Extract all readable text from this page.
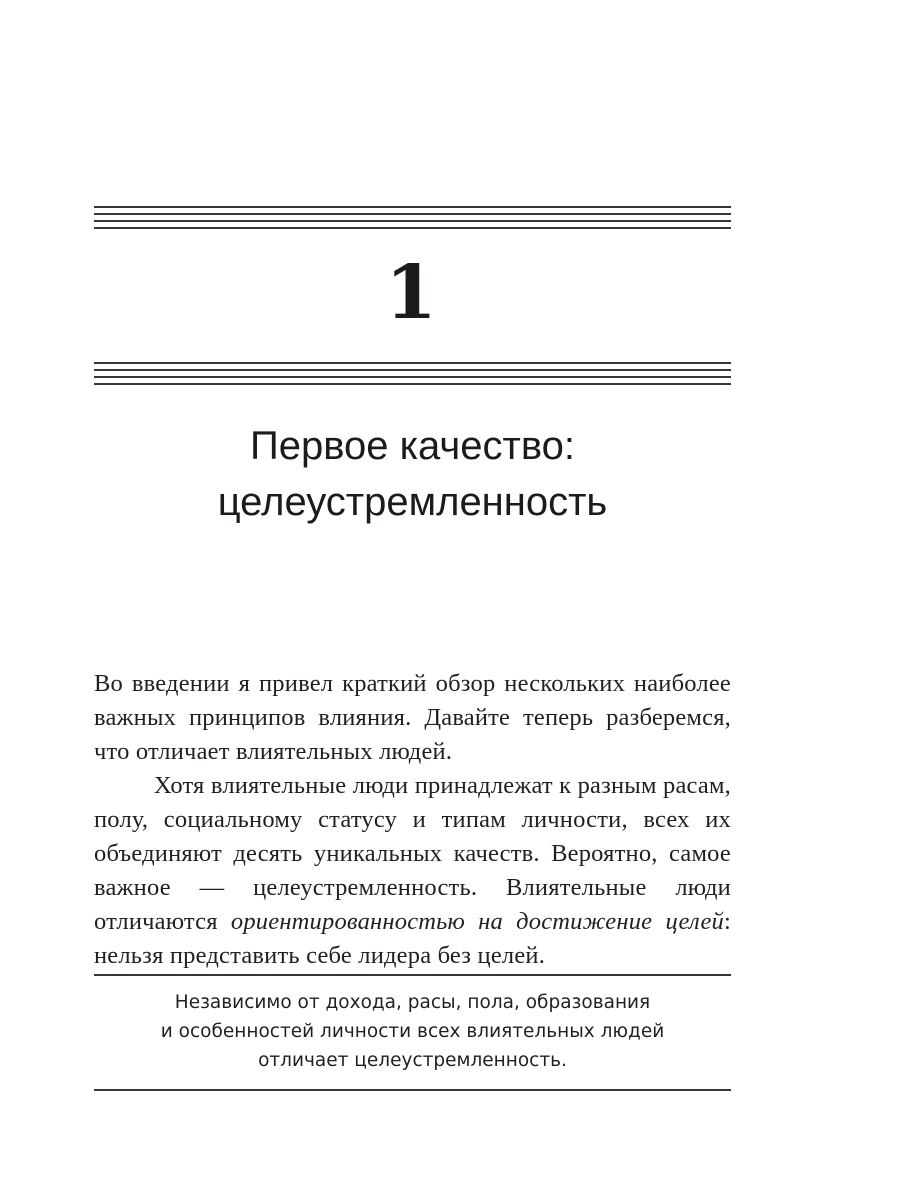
1
Первое качество:
целеустремленность

Во введении я привел краткий обзор нескольких наиболее важных принципов влияния. Давайте теперь разберемся, что отличает влиятельных людей.

Хотя влиятельные люди принадлежат к разным расам, полу, социальному статусу и типам личности, всех их объединяют десять уникальных качеств. Вероятно, самое важное — целеустремленность. Влиятельные люди отличаются ориентированностью на достижение целей: нельзя представить себе лидера без целей.

Независимо от дохода, расы, пола, образования
и особенностей личности всех влиятельных людей
отличает целеустремленность.
